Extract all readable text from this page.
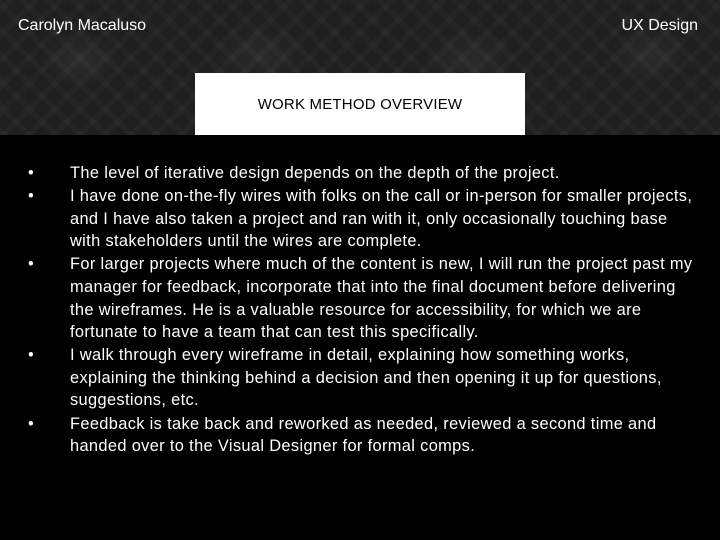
Carolyn Macaluso	UX Design
WORK METHOD OVERVIEW
•	The level of iterative design depends on the depth of the project.
•	I have done on-the-fly wires with folks on the call or in-person for smaller projects, and I have also taken a project and ran with it, only occasionally touching base with stakeholders until the wires are complete.
•	For larger projects where much of the content is new, I will run the project past my manager for feedback, incorporate that into the final document before delivering the wireframes. He is a valuable resource for accessibility, for which we are fortunate to have a team that can test this specifically.
•	I walk through every wireframe in detail, explaining how something works, explaining the thinking behind a decision and then opening it up for questions, suggestions, etc.
•	Feedback is take back and reworked as needed, reviewed a second time and handed over to the Visual Designer for formal comps.
